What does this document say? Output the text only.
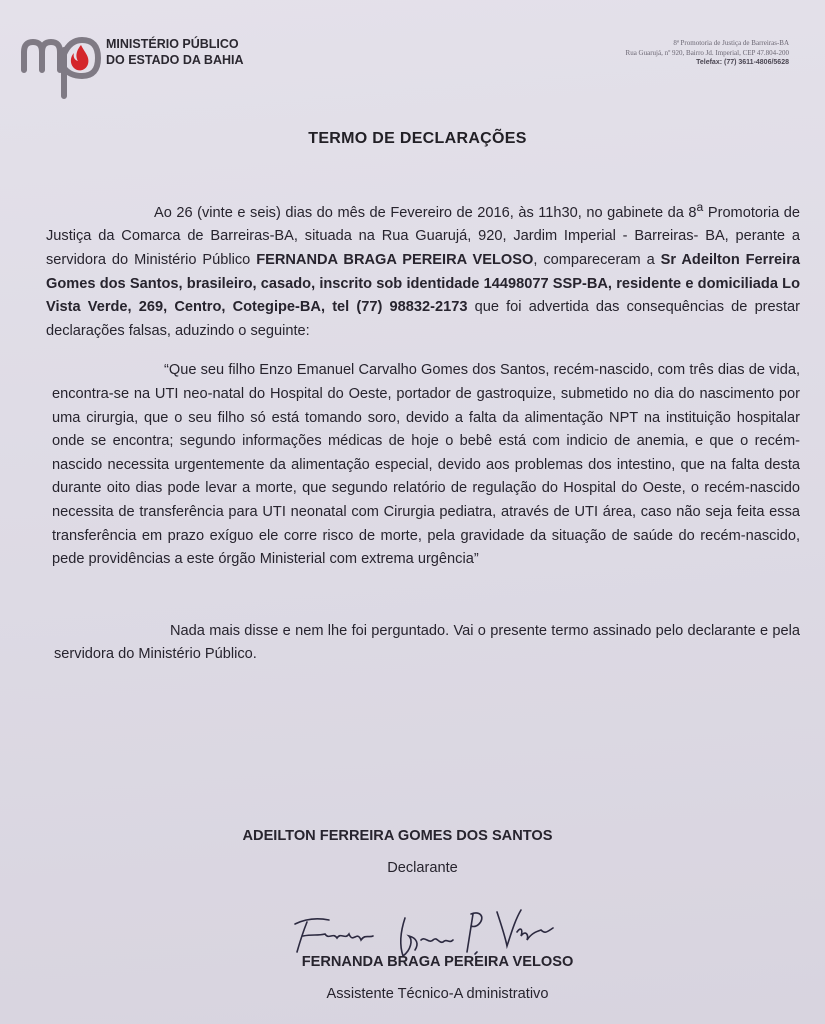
MINISTÉRIO PÚBLICO
DO ESTADO DA BAHIA
8ª Promotoria de Justiça de Barreiras-BA
Rua Guarujá, nº 920, Bairro Jd. Imperial, CEP 47.804-200
Telefax: (77) 3611-4806/5628
TERMO DE DECLARAÇÕES

Ao 26 (vinte e seis) dias do mês de Fevereiro de 2016, às 11h30, no gabinete da 8$^a$ Promotoria de Justiça da Comarca de Barreiras-BA, situada na Rua Guarujá, 920, Jardim Imperial - Barreiras- BA, perante a servidora do Ministério Público FERNANDA BRAGA PEREIRA VELOSO, compareceram a Sr Adeilton Ferreira Gomes dos Santos, brasileiro, casado, inscrito sob identidade 14498077 SSP-BA, residente e domiciliada Lo Vista Verde, 269, Centro, Cotegipe-BA, tel (77) 98832-2173 que foi advertida das consequências de prestar declarações falsas, aduzindo o seguinte:

“Que seu filho Enzo Emanuel Carvalho Gomes dos Santos, recém-nascido, com três dias de vida, encontra-se na UTI neo-natal do Hospital do Oeste, portador de gastroquize, submetido no dia do nascimento por uma cirurgia, que o seu filho só está tomando soro, devido a falta da alimentação NPT na instituição hospitalar onde se encontra; segundo informações médicas de hoje o bebê está com indicio de anemia, e que o recém-nascido necessita urgentemente da alimentação especial, devido aos problemas dos intestino, que na falta desta durante oito dias pode levar a morte, que segundo relatório de regulação do Hospital do Oeste, o recém-nascido necessita de transferência para UTI neonatal com Cirurgia pediatra, através de UTI área, caso não seja feita essa transferência em prazo exíguo ele corre risco de morte, pela gravidade da situação de saúde do recém-nascido, pede providências a este órgão Ministerial com extrema urgência”

Nada mais disse e nem lhe foi perguntado. Vai o presente termo assinado pelo declarante e pela servidora do Ministério Público.

ADEILTON FERREIRA GOMES DOS SANTOS
Declarante
FERNANDA BRAGA PEREIRA VELOSO
Assistente Técnico-A dministrativo
